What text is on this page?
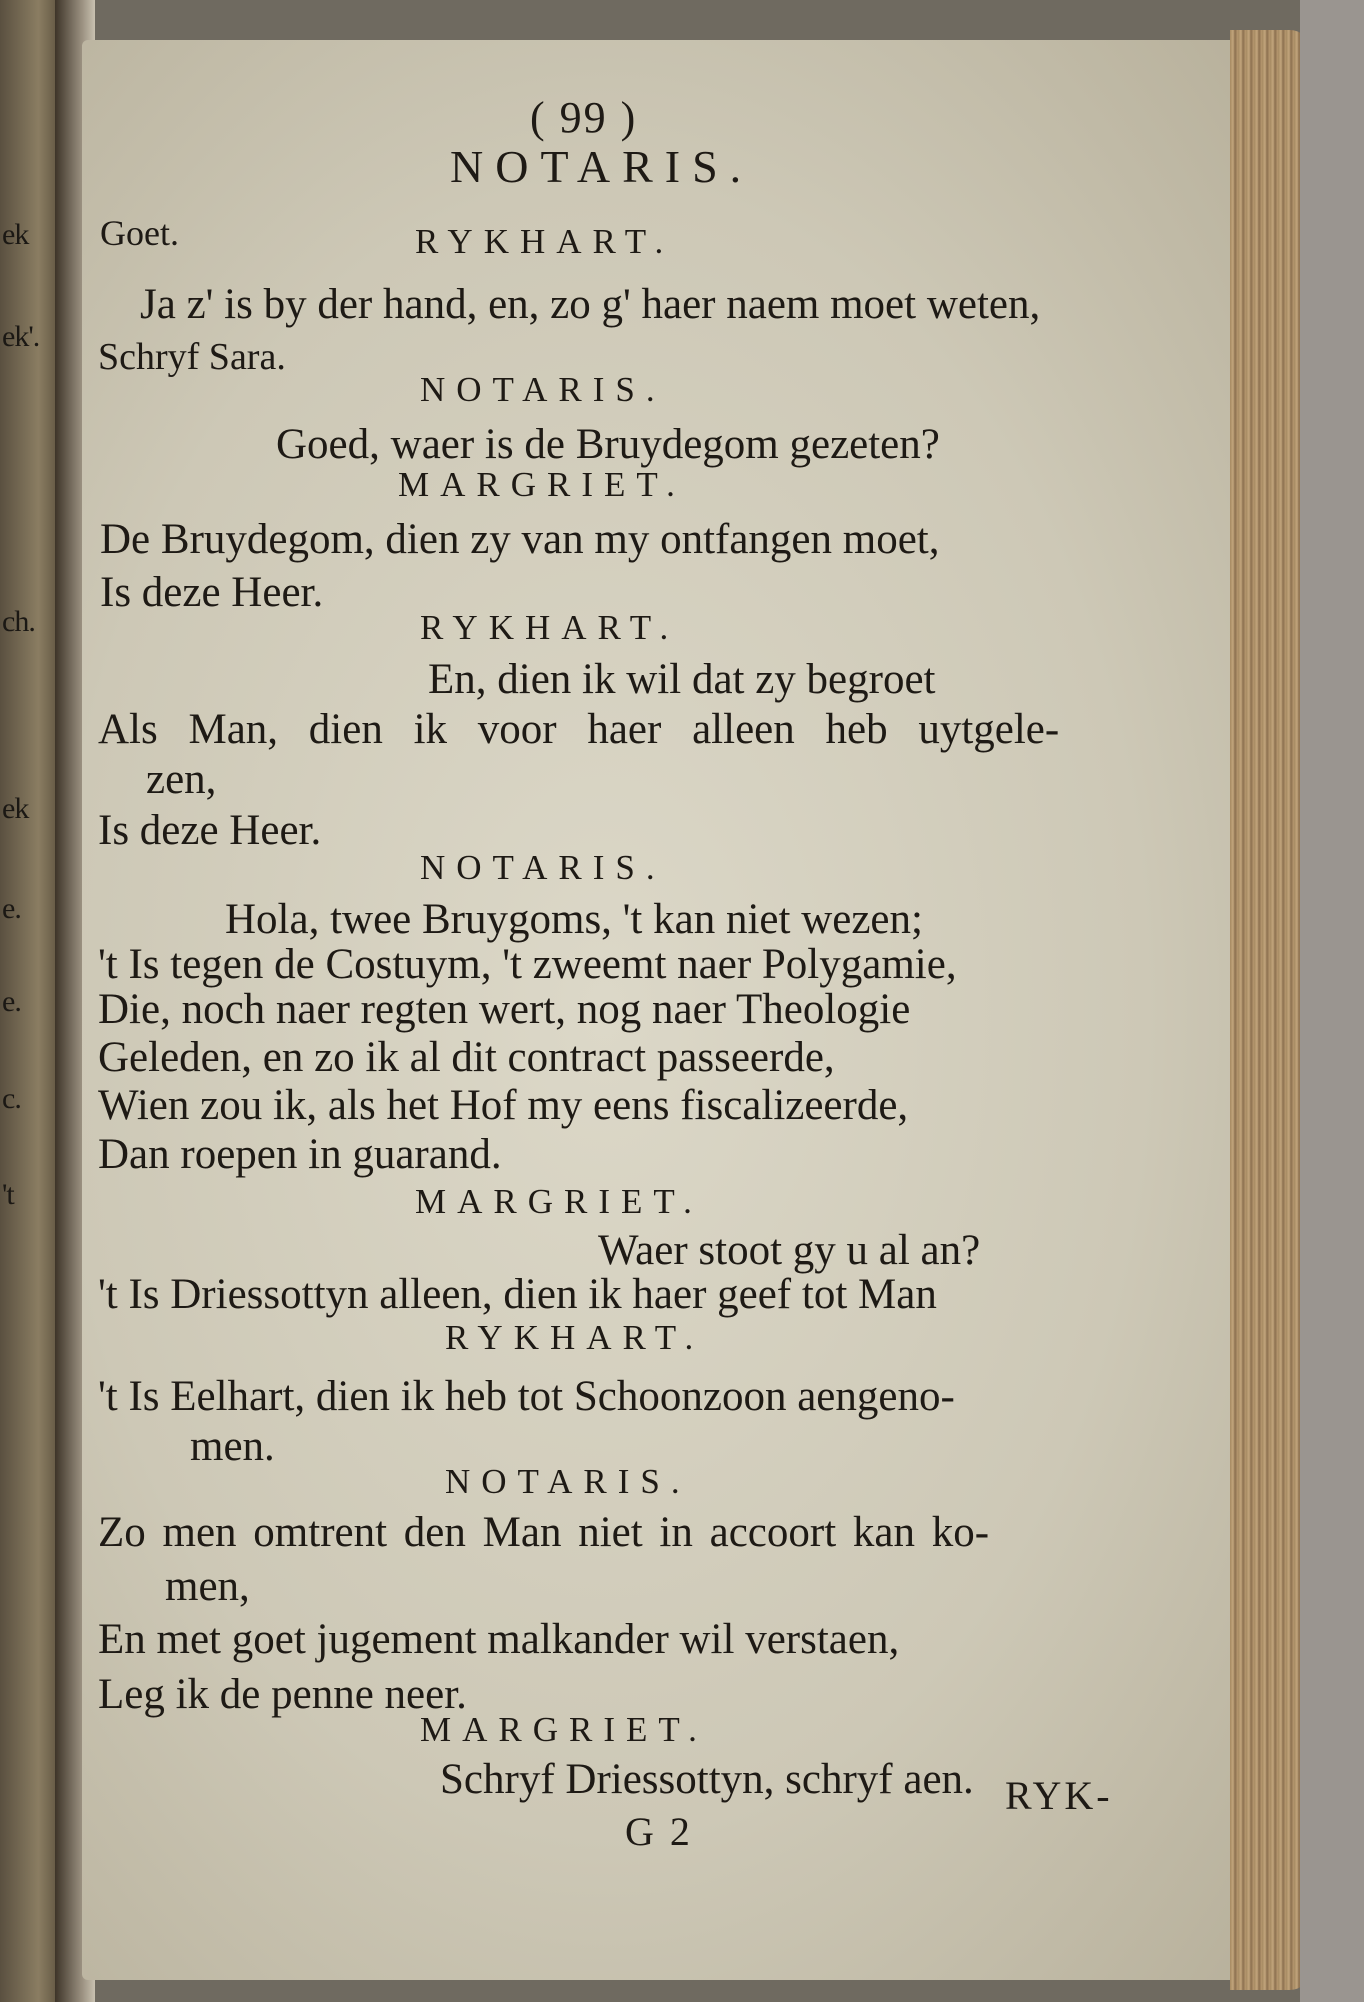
ek
ek'.
ch.
ek
e.
e.
c.
't
( 99 )
NOTARIS.
Goet.	RYKHART.
Ja z' is by der hand, en, zo g' haer naem moet weten,
Schryf Sara.
NOTARIS.
Goed, waer is de Bruydegom gezeten?
MARGRIET.
De Bruydegom, dien zy van my ontfangen moet,
Is deze Heer.
RYKHART.
En, dien ik wil dat zy begroet
Als Man, dien ik voor haer alleen heb uytgele-
zen,
Is deze Heer.
NOTARIS.
Hola, twee Bruygoms, 't kan niet wezen;
't Is tegen de Costuym, 't zweemt naer Polygamie,
Die, noch naer regten wert, nog naer Theologie
Geleden, en zo ik al dit contract passeerde,
Wien zou ik, als het Hof my eens fiscalizeerde,
Dan roepen in guarand.
MARGRIET.
Waer stoot gy u al an?
't Is Driessottyn alleen, dien ik haer geef tot Man
RYKHART.
't Is Eelhart, dien ik heb tot Schoonzoon aengeno-
men.
NOTARIS.
Zo men omtrent den Man niet in accoort kan ko-
men,
En met goet jugement malkander wil verstaen,
Leg ik de penne neer.
MARGRIET.
Schryf Driessottyn, schryf aen.
G 2
RYK-
